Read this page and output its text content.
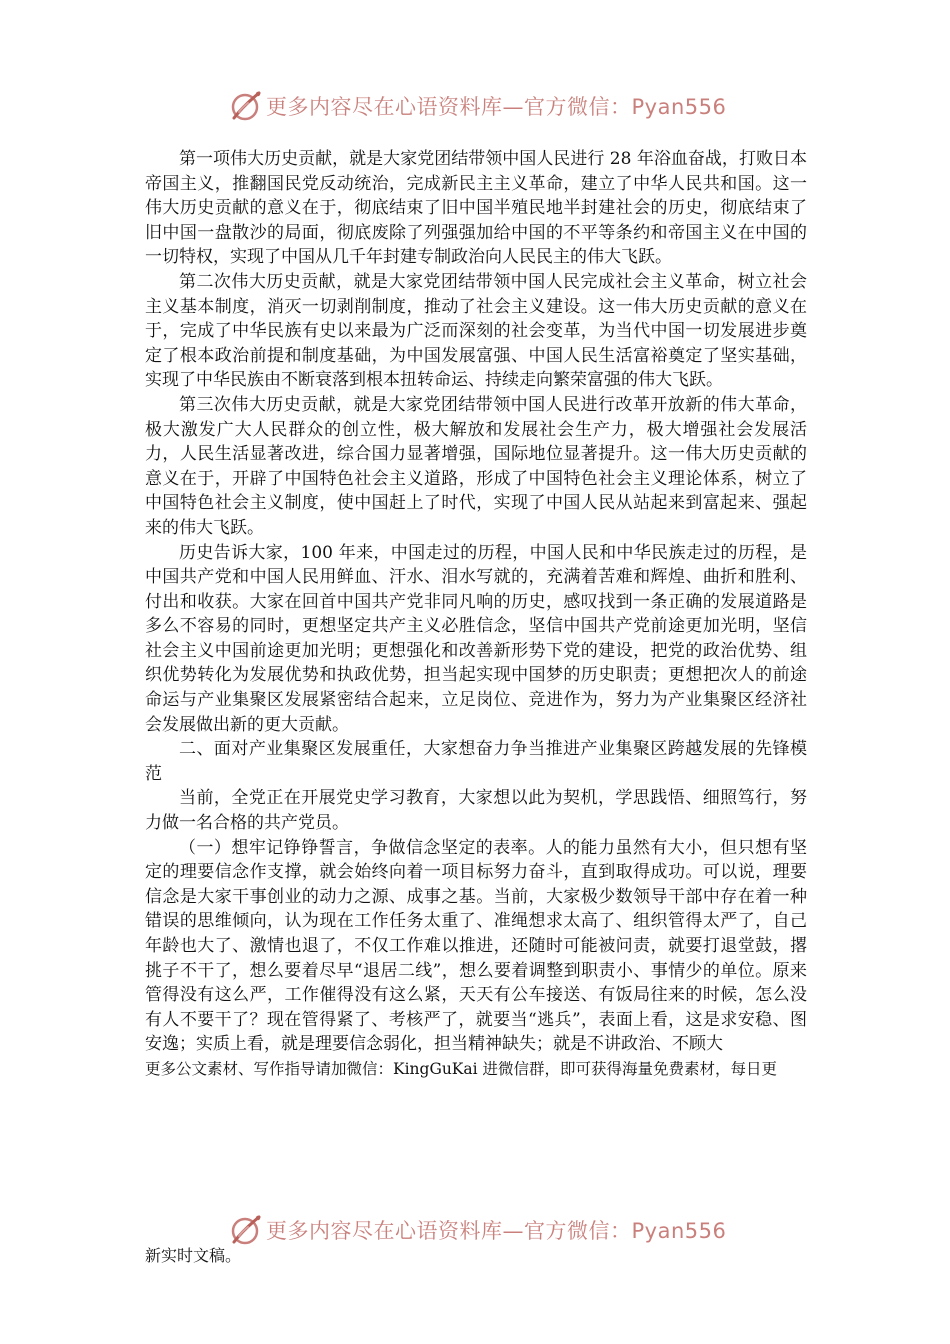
更多内容尽在心语资料库—官方微信：Pyan556

第一项伟大历史贡献，就是大家党团结带领中国人民进行 28 年浴血奋战，打败日本帝国主义，推翻国民党反动统治，完成新民主主义革命，建立了中华人民共和国。这一伟大历史贡献的意义在于，彻底结束了旧中国半殖民地半封建社会的历史，彻底结束了旧中国一盘散沙的局面，彻底废除了列强强加给中国的不平等条约和帝国主义在中国的一切特权，实现了中国从几千年封建专制政治向人民民主的伟大飞跃。

第二次伟大历史贡献，就是大家党团结带领中国人民完成社会主义革命，树立社会主义基本制度，消灭一切剥削制度，推动了社会主义建设。这一伟大历史贡献的意义在于，完成了中华民族有史以来最为广泛而深刻的社会变革，为当代中国一切发展进步奠定了根本政治前提和制度基础，为中国发展富强、中国人民生活富裕奠定了坚实基础，实现了中华民族由不断衰落到根本扭转命运、持续走向繁荣富强的伟大飞跃。

第三次伟大历史贡献，就是大家党团结带领中国人民进行改革开放新的伟大革命，极大激发广大人民群众的创立性，极大解放和发展社会生产力，极大增强社会发展活力，人民生活显著改进，综合国力显著增强，国际地位显著提升。这一伟大历史贡献的意义在于，开辟了中国特色社会主义道路，形成了中国特色社会主义理论体系，树立了中国特色社会主义制度，使中国赶上了时代，实现了中国人民从站起来到富起来、强起来的伟大飞跃。

历史告诉大家，100 年来，中国走过的历程，中国人民和中华民族走过的历程，是中国共产党和中国人民用鲜血、汗水、泪水写就的，充满着苦难和辉煌、曲折和胜利、付出和收获。大家在回首中国共产党非同凡响的历史，感叹找到一条正确的发展道路是多么不容易的同时，更想坚定共产主义必胜信念，坚信中国共产党前途更加光明，坚信社会主义中国前途更加光明；更想强化和改善新形势下党的建设，把党的政治优势、组织优势转化为发展优势和执政优势，担当起实现中国梦的历史职责；更想把次人的前途命运与产业集聚区发展紧密结合起来，立足岗位、竞进作为，努力为产业集聚区经济社会发展做出新的更大贡献。

二、面对产业集聚区发展重任，大家想奋力争当推进产业集聚区跨越发展的先锋模范

当前，全党正在开展党史学习教育，大家想以此为契机，学思践悟、细照笃行，努力做一名合格的共产党员。

（一）想牢记铮铮誓言，争做信念坚定的表率。人的能力虽然有大小，但只想有坚定的理要信念作支撑，就会始终向着一项目标努力奋斗，直到取得成功。可以说，理要信念是大家干事创业的动力之源、成事之基。当前，大家极少数领导干部中存在着一种错误的思维倾向，认为现在工作任务太重了、准绳想求太高了、组织管得太严了，自己年龄也大了、激情也退了，不仅工作难以推进，还随时可能被问责，就要打退堂鼓，撂挑子不干了，想么要着尽早“退居二线”，想么要着调整到职责小、事情少的单位。原来管得没有这么严，工作催得没有这么紧，天天有公车接送、有饭局往来的时候，怎么没有人不要干了？现在管得紧了、考核严了，就要当“逃兵”，表面上看，这是求安稳、图安逸；实质上看，就是理要信念弱化，担当精神缺失；就是不讲政治、不顾大

更多公文素材、写作指导请加微信：KingGuKai 进微信群，即可获得海量免费素材，每日更

更多内容尽在心语资料库—官方微信：Pyan556
新实时文稿。
